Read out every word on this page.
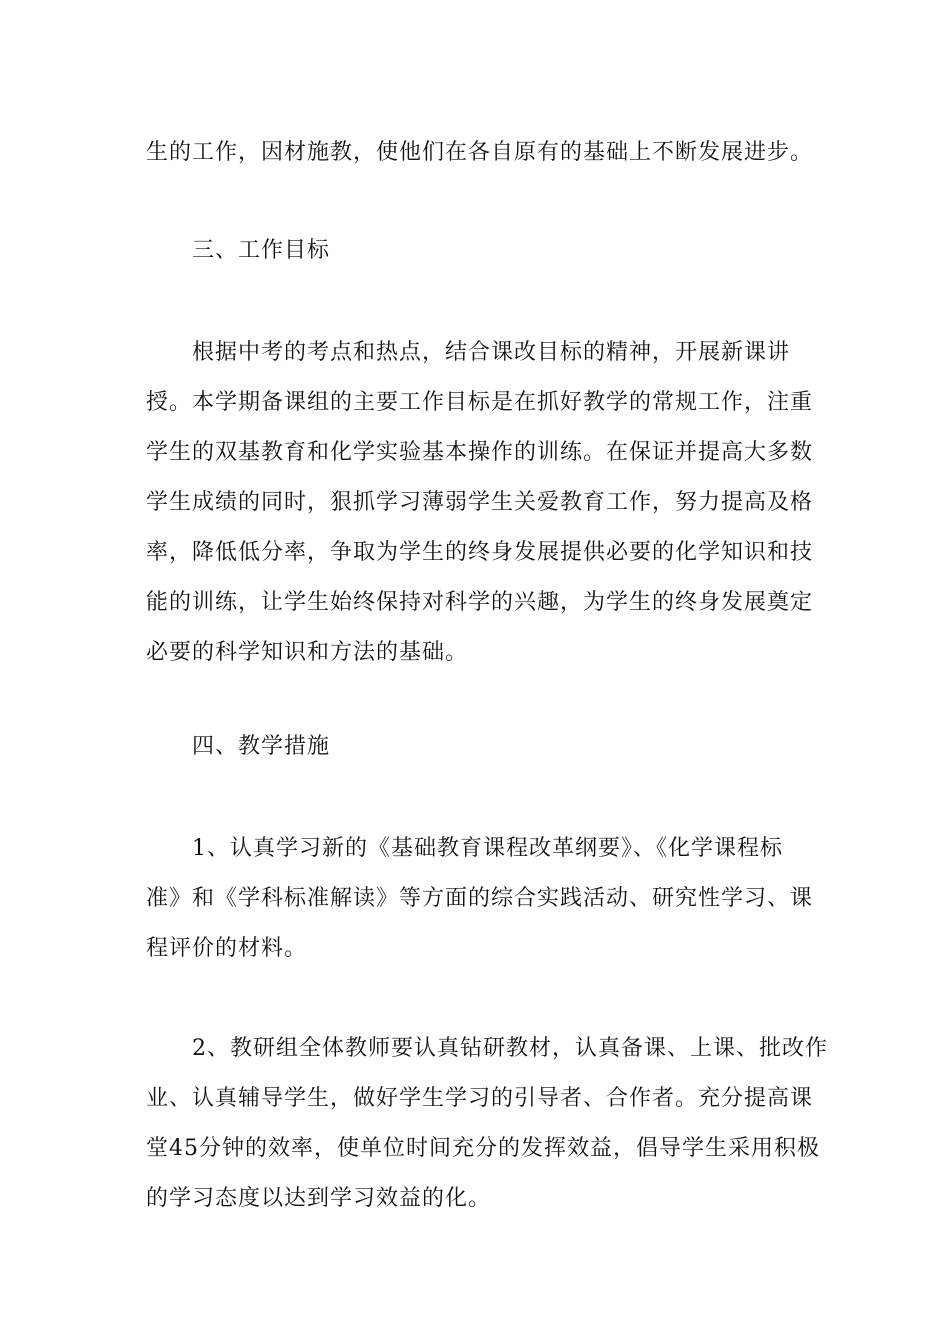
生的工作，因材施教，使他们在各自原有的基础上不断发展进步。
三、工作目标
根据中考的考点和热点，结合课改目标的精神，开展新课讲
授。本学期备课组的主要工作目标是在抓好教学的常规工作，注重
学生的双基教育和化学实验基本操作的训练。在保证并提高大多数
学生成绩的同时，狠抓学习薄弱学生关爱教育工作，努力提高及格
率，降低低分率，争取为学生的终身发展提供必要的化学知识和技
能的训练，让学生始终保持对科学的兴趣，为学生的终身发展奠定
必要的科学知识和方法的基础。
四、教学措施
1、认真学习新的《基础教育课程改革纲要》、《化学课程标
准》和《学科标准解读》等方面的综合实践活动、研究性学习、课
程评价的材料。
2、教研组全体教师要认真钻研教材，认真备课、上课、批改作
业、认真辅导学生，做好学生学习的引导者、合作者。充分提高课
堂45分钟的效率，使单位时间充分的发挥效益，倡导学生采用积极
的学习态度以达到学习效益的化。
